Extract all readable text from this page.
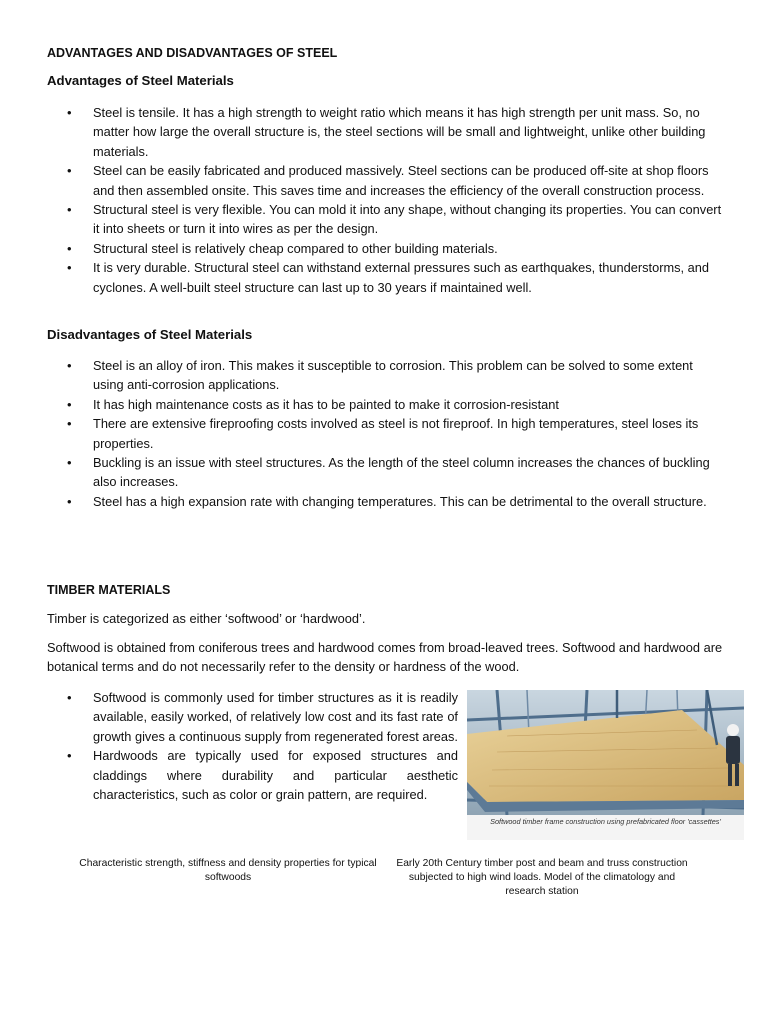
ADVANTAGES AND DISADVANTAGES OF STEEL

Advantages of Steel Materials

• Steel is tensile. It has a high strength to weight ratio which means it has high strength per unit mass. So, no matter how large the overall structure is, the steel sections will be small and lightweight, unlike other building materials.
• Steel can be easily fabricated and produced massively. Steel sections can be produced off-site at shop floors and then assembled onsite. This saves time and increases the efficiency of the overall construction process.
• Structural steel is very flexible. You can mold it into any shape, without changing its properties. You can convert it into sheets or turn it into wires as per the design.
• Structural steel is relatively cheap compared to other building materials.
• It is very durable. Structural steel can withstand external pressures such as earthquakes, thunderstorms, and cyclones. A well-built steel structure can last up to 30 years if maintained well.

Disadvantages of Steel Materials

• Steel is an alloy of iron. This makes it susceptible to corrosion. This problem can be solved to some extent using anti-corrosion applications.
• It has high maintenance costs as it has to be painted to make it corrosion-resistant
• There are extensive fireproofing costs involved as steel is not fireproof. In high temperatures, steel loses its properties.
• Buckling is an issue with steel structures. As the length of the steel column increases the chances of buckling also increases.
• Steel has a high expansion rate with changing temperatures. This can be detrimental to the overall structure.

TIMBER MATERIALS

Timber is categorized as either ‘softwood’ or ‘hardwood’.

Softwood is obtained from coniferous trees and hardwood comes from broad-leaved trees. Softwood and hardwood are botanical terms and do not necessarily refer to the density or hardness of the wood.

• Softwood is commonly used for timber structures as it is readily available, easily worked, of relatively low cost and its fast rate of growth gives a continuous supply from regenerated forest areas.
• Hardwoods are typically used for exposed structures and claddings where durability and particular aesthetic characteristics, such as color or grain pattern, are required.
Softwood timber frame construction using prefabricated floor 'cassettes'

Characteristic strength, stiffness and density properties for typical softwoods

Early 20th Century timber post and beam and truss construction subjected to high wind loads. Model of the climatology and research station
